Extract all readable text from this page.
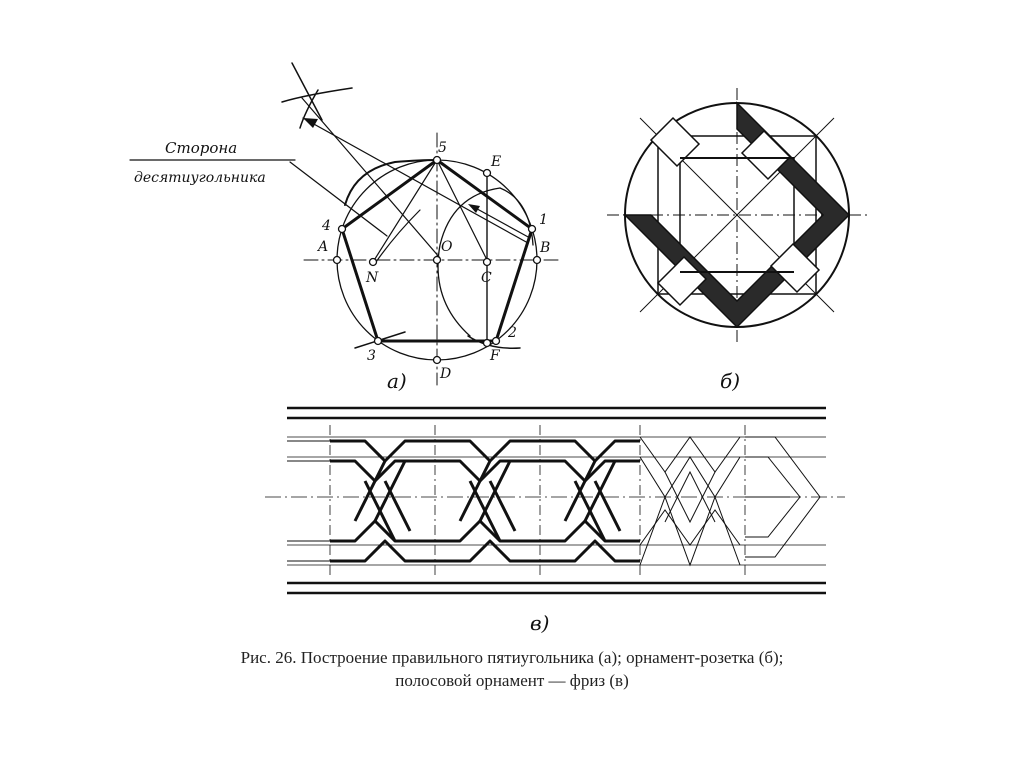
Сторона
десятиугольника
5
E
1
4
A	O	B
N	C
3
2
F
D
а)	б)
в)
Рис. 26. Построение правильного пятиугольника (а); орнамент-розетка (б);
полосовой орнамент — фриз (в)
